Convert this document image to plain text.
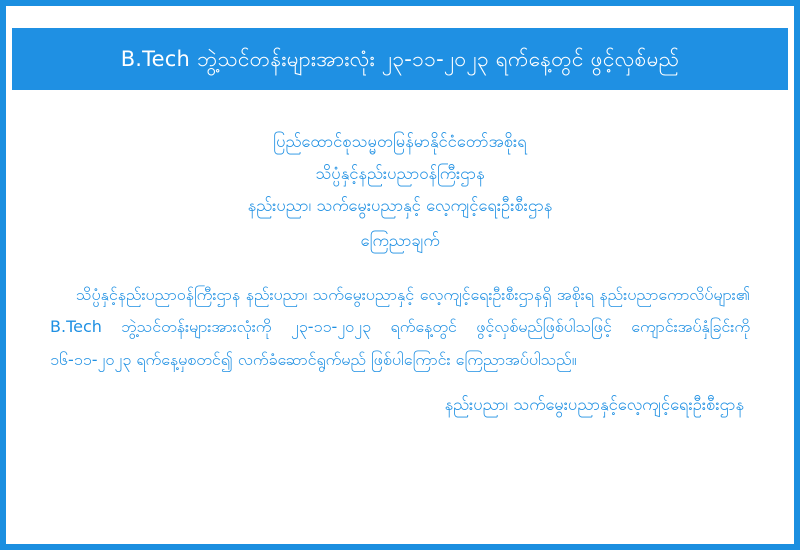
B.Tech ဘွဲ့သင်တန်းများအားလုံး ၂၃-၁၁-၂၀၂၃ ရက်နေ့တွင် ဖွင့်လှစ်မည်
ပြည်ထောင်စုသမ္မတမြန်မာနိုင်ငံတော်အစိုးရ
သိပ္ပံနှင့်နည်းပညာဝန်ကြီးဌာန
နည်းပညာ၊ သက်မွေးပညာနှင့် လေ့ကျင့်ရေးဦးစီးဌာန
ကြေညာချက်
သိပ္ပံနှင့်နည်းပညာဝန်ကြီးဌာန နည်းပညာ၊ သက်မွေးပညာနှင့် လေ့ကျင့်ရေးဦးစီးဌာနရှိ အစိုးရ နည်းပညာကောလိပ်များ၏ B.Tech ဘွဲ့သင်တန်းများအားလုံးကို ၂၃-၁၁-၂၀၂၃ ရက်နေ့တွင် ဖွင့်လှစ်မည်ဖြစ်ပါသဖြင့် ကျောင်းအပ်နှံခြင်းကို ၁၆-၁၁-၂၀၂၃ ရက်နေ့မှစတင်၍ လက်ခံဆောင်ရွက်မည် ဖြစ်ပါကြောင်း ကြေညာအပ်ပါသည်။
နည်းပညာ၊ သက်မွေးပညာနှင့်လေ့ကျင့်ရေးဦးစီးဌာန
